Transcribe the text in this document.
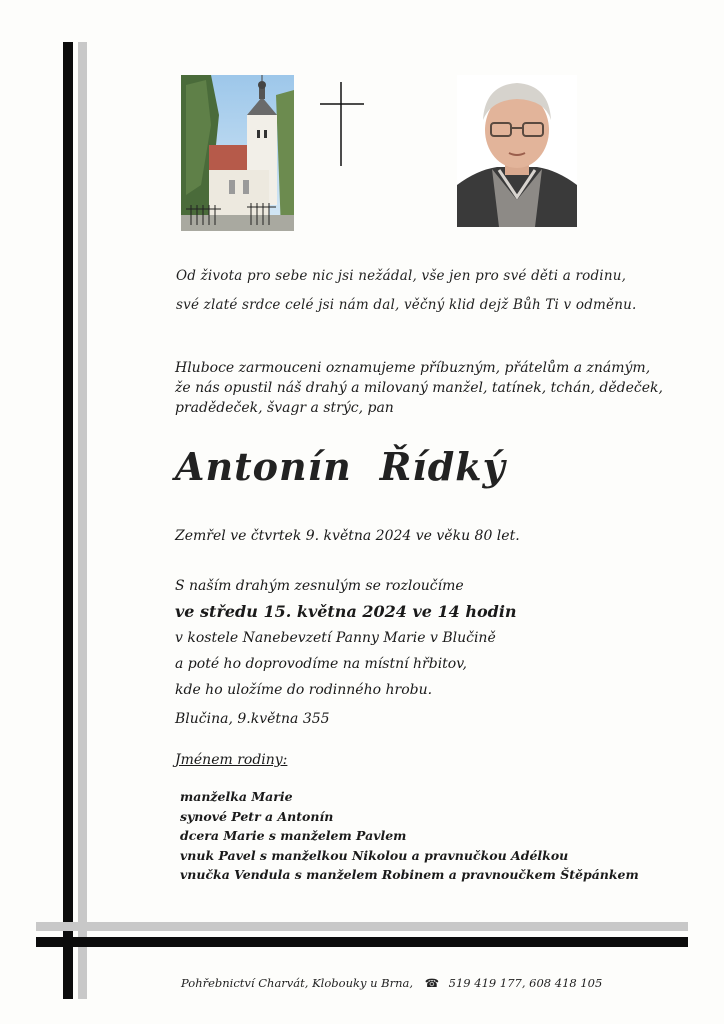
Od života pro sebe nic jsi nežádal, vše jen pro své děti a rodinu,
své zlaté srdce celé jsi nám dal, věčný klid dejž Bůh Ti v odměnu.
Hluboce zarmouceni oznamujeme příbuzným, přátelům a známým,
že nás opustil náš drahý a milovaný manžel, tatínek, tchán, dědeček,
pradědeček, švagr a strýc, pan
Antonín Řídký
Zemřel ve čtvrtek 9. května 2024 ve věku 80 let.
S naším drahým zesnulým se rozloučíme
ve středu 15. května 2024 ve 14 hodin
v kostele Nanebevzetí Panny Marie v Blučině
a poté ho doprovodíme na místní hřbitov,
kde ho uložíme do rodinného hrobu.
Blučina, 9.května 355
Jménem rodiny:
manželka Marie
synové Petr a Antonín
dcera Marie s manželem Pavlem
vnuk Pavel s manželkou Nikolou a pravnučkou Adélkou
vnučka Vendula s manželem Robinem a pravnoučkem Štěpánkem
Pohřebnictví Charvát, Klobouky u Brna, ☎ 519 419 177, 608 418 105
